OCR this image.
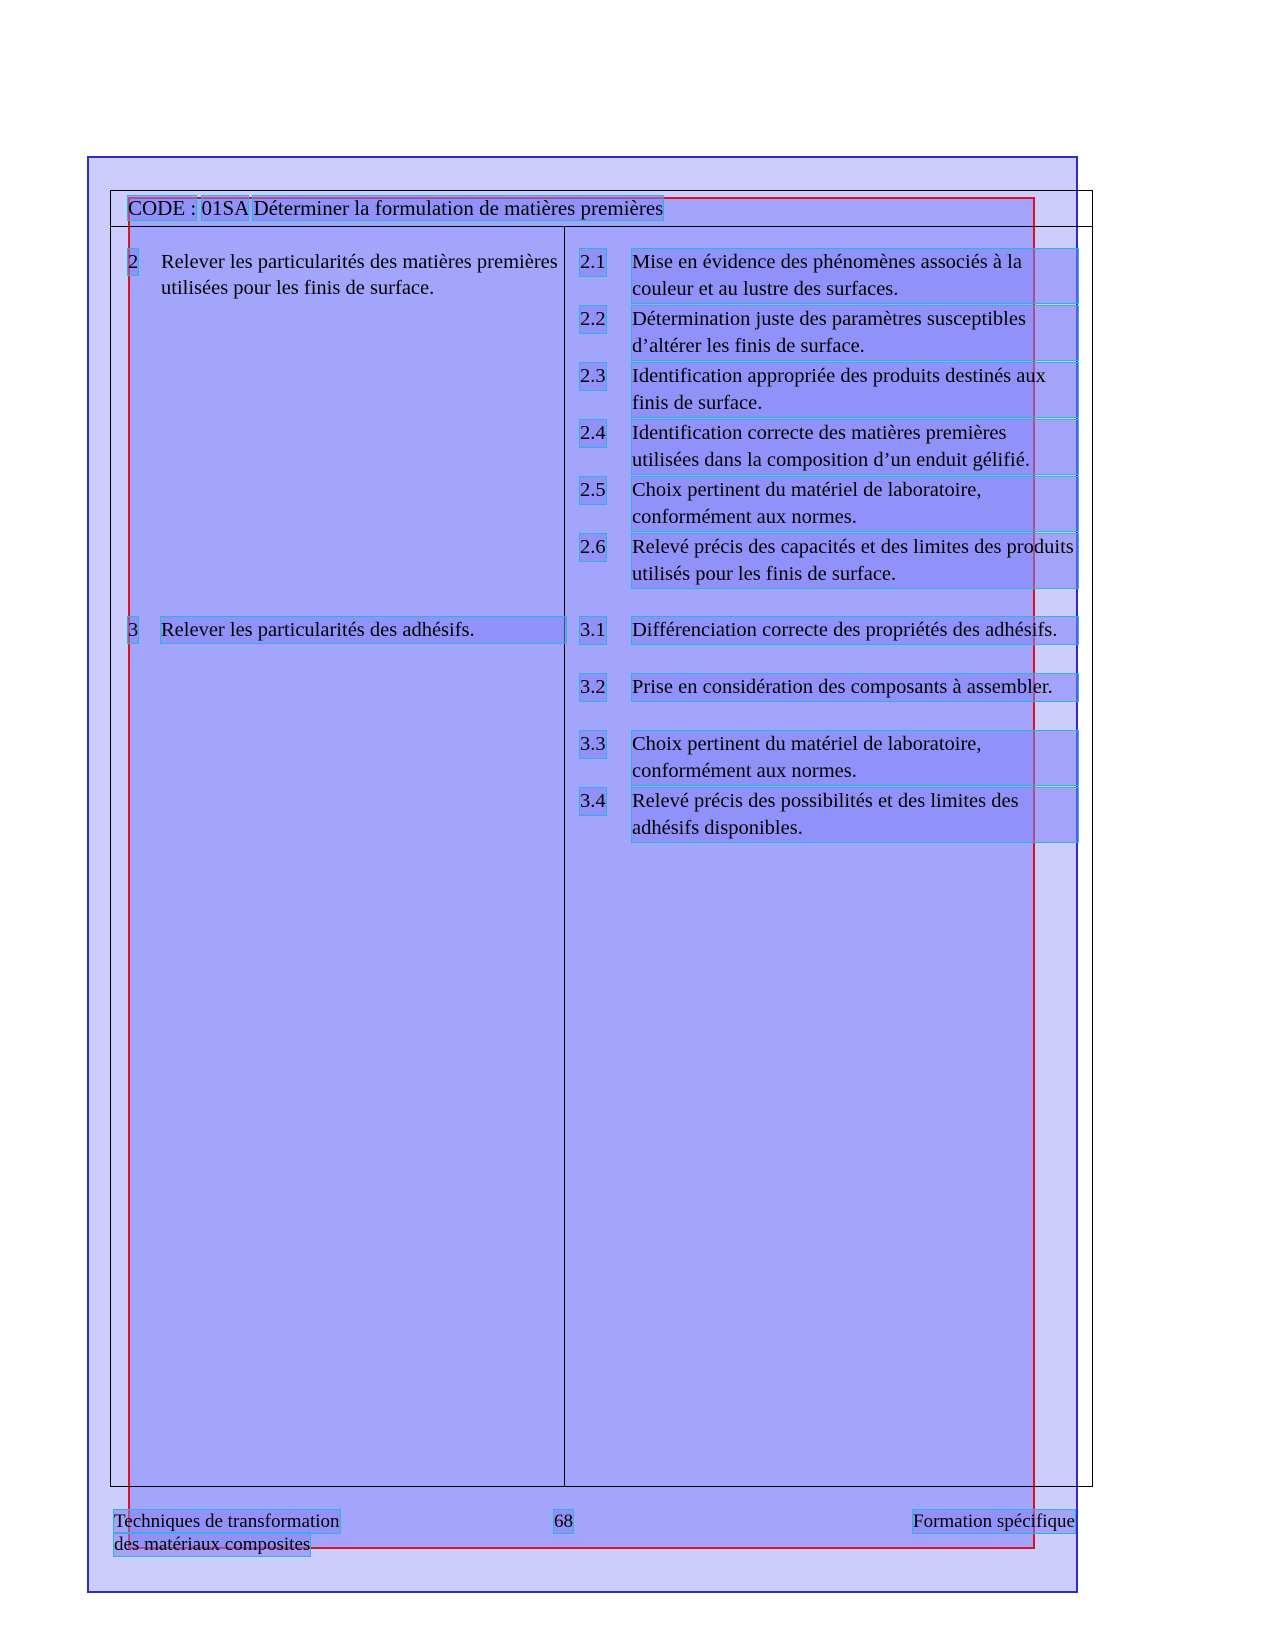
CODE : 01SA Déterminer la formulation de matières premières
2 Relever les particularités des matières premières utilisées pour les finis de surface.
2.1 Mise en évidence des phénomènes associés à la couleur et au lustre des surfaces.
2.2 Détermination juste des paramètres susceptibles d’altérer les finis de surface.
2.3 Identification appropriée des produits destinés aux finis de surface.
2.4 Identification correcte des matières premières utilisées dans la composition d’un enduit gélifié.
2.5 Choix pertinent du matériel de laboratoire, conformément aux normes.
2.6 Relevé précis des capacités et des limites des produits utilisés pour les finis de surface.
3 Relever les particularités des adhésifs.	3.1 Différenciation correcte des propriétés des adhésifs.
3.2 Prise en considération des composants à assembler.
3.3 Choix pertinent du matériel de laboratoire, conformément aux normes.
3.4 Relevé précis des possibilités et des limites des adhésifs disponibles.
Techniques de transformation
des matériaux composites
68	Formation spécifique
